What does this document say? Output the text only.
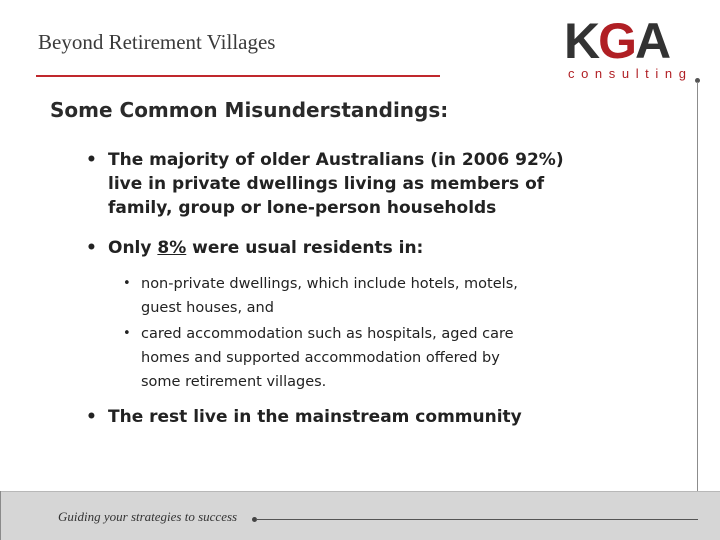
Beyond Retirement Villages	KGA
consulting
Some Common Misunderstandings:
• The majority of older Australians (in 2006 92%)
live in private dwellings living as members of
family, group or lone-person households
• Only 8% were usual residents in:
• non-private dwellings, which include hotels, motels,
guest houses, and
• cared accommodation such as hospitals, aged care
homes and supported accommodation offered by
some retirement villages.
• The rest live in the mainstream community
Guiding your strategies to success
